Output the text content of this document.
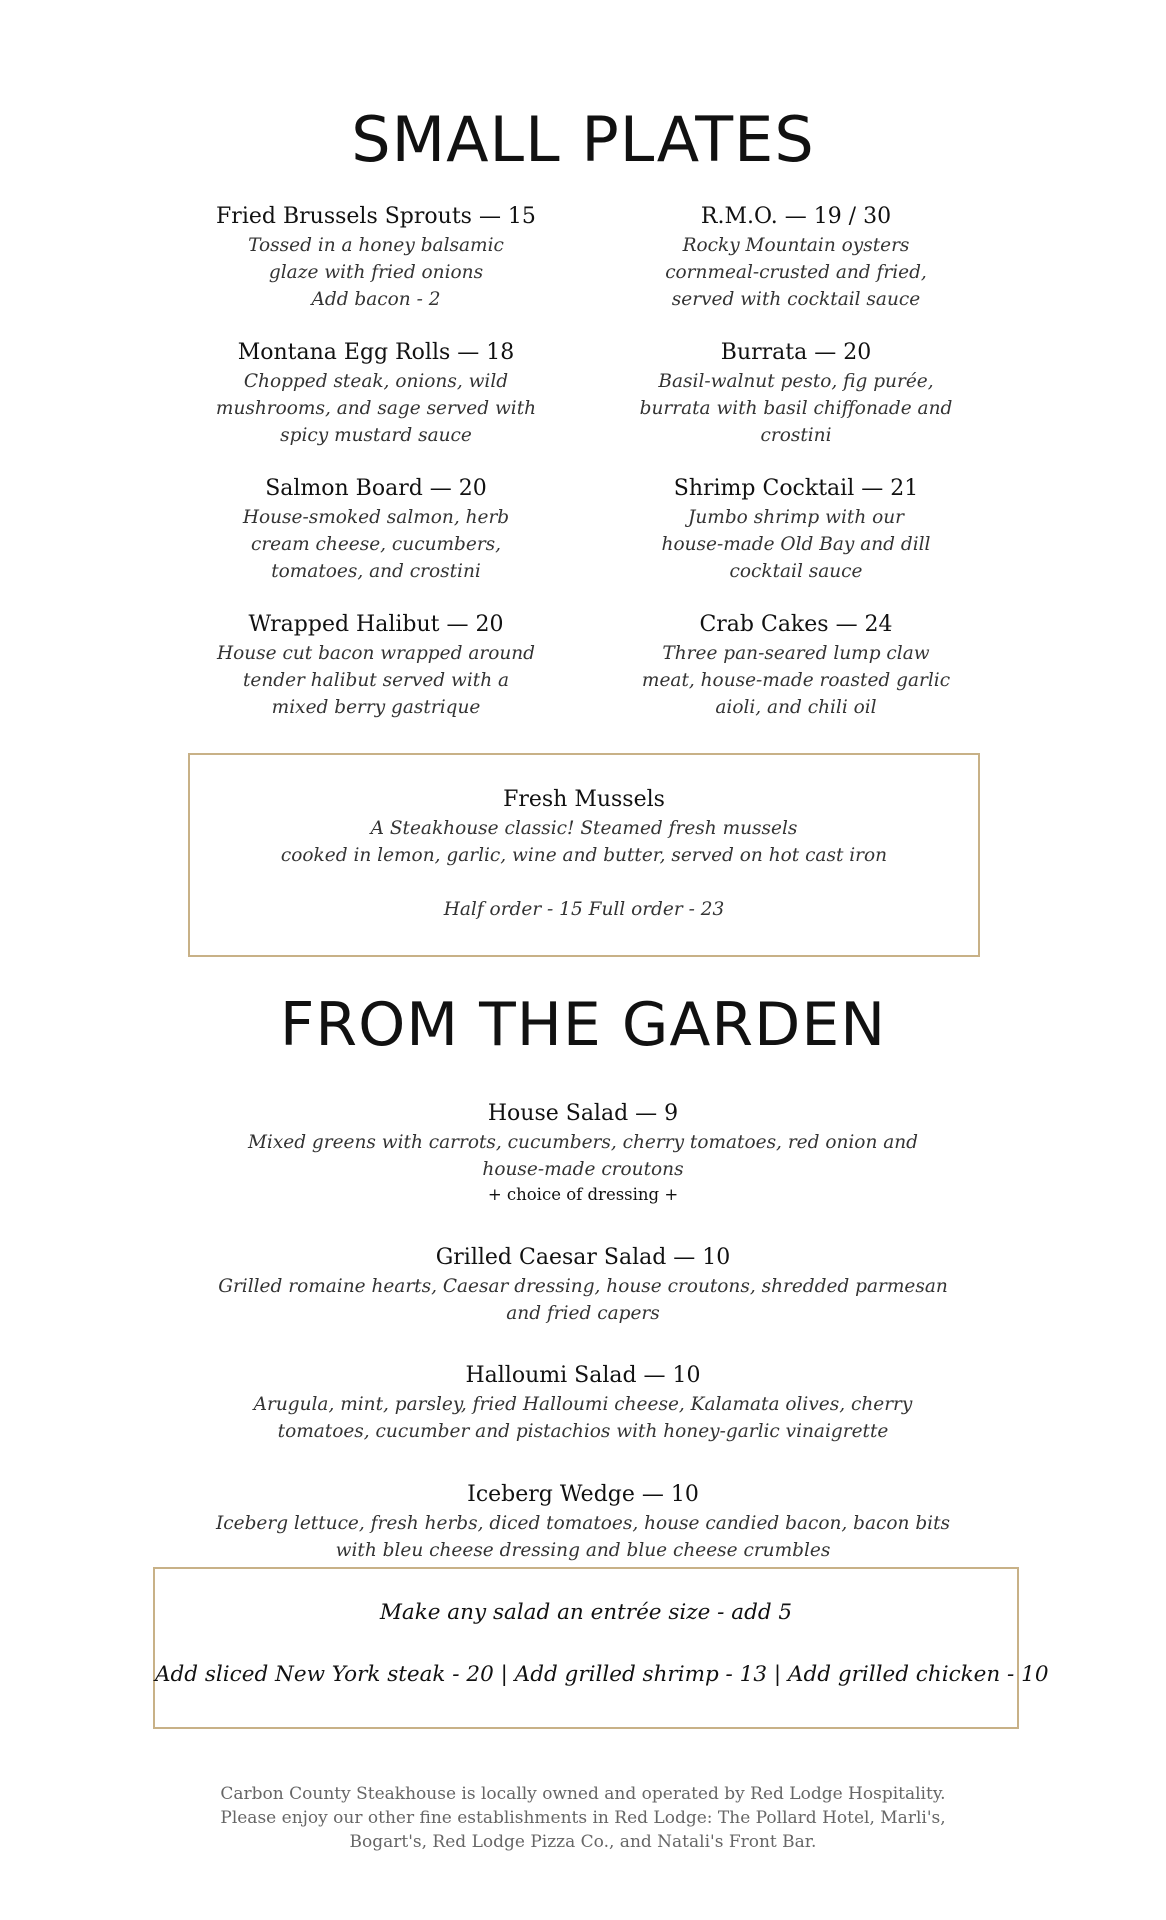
SMALL PLATES
Fried Brussels Sprouts — 15
Tossed in a honey balsamic
glaze with fried onions
Add bacon - 2
Montana Egg Rolls — 18
Chopped steak, onions, wild
mushrooms, and sage served with
spicy mustard sauce
Salmon Board — 20
House-smoked salmon, herb
cream cheese, cucumbers,
tomatoes, and crostini
Wrapped Halibut — 20
House cut bacon wrapped around
tender halibut served with a
mixed berry gastrique
R.M.O. — 19 / 30
Rocky Mountain oysters
cornmeal-crusted and fried,
served with cocktail sauce
Burrata — 20
Basil-walnut pesto, fig purée,
burrata with basil chiffonade and
crostini
Shrimp Cocktail — 21
Jumbo shrimp with our
house-made Old Bay and dill
cocktail sauce
Crab Cakes — 24
Three pan-seared lump claw
meat, house-made roasted garlic
aioli, and chili oil
Fresh Mussels
A Steakhouse classic! Steamed fresh mussels
cooked in lemon, garlic, wine and butter, served on hot cast iron
Half order - 15 Full order - 23
FROM THE GARDEN
House Salad — 9
Mixed greens with carrots, cucumbers, cherry tomatoes, red onion and
house-made croutons
+ choice of dressing +
Grilled Caesar Salad — 10
Grilled romaine hearts, Caesar dressing, house croutons, shredded parmesan
and fried capers
Halloumi Salad — 10
Arugula, mint, parsley, fried Halloumi cheese, Kalamata olives, cherry
tomatoes, cucumber and pistachios with honey-garlic vinaigrette
Iceberg Wedge — 10
Iceberg lettuce, fresh herbs, diced tomatoes, house candied bacon, bacon bits
with bleu cheese dressing and blue cheese crumbles
Make any salad an entrée size - add 5
Add sliced New York steak - 20 | Add grilled shrimp - 13 | Add grilled chicken - 10
Carbon County Steakhouse is locally owned and operated by Red Lodge Hospitality.
Please enjoy our other fine establishments in Red Lodge: The Pollard Hotel, Marli's,
Bogart's, Red Lodge Pizza Co., and Natali's Front Bar.
